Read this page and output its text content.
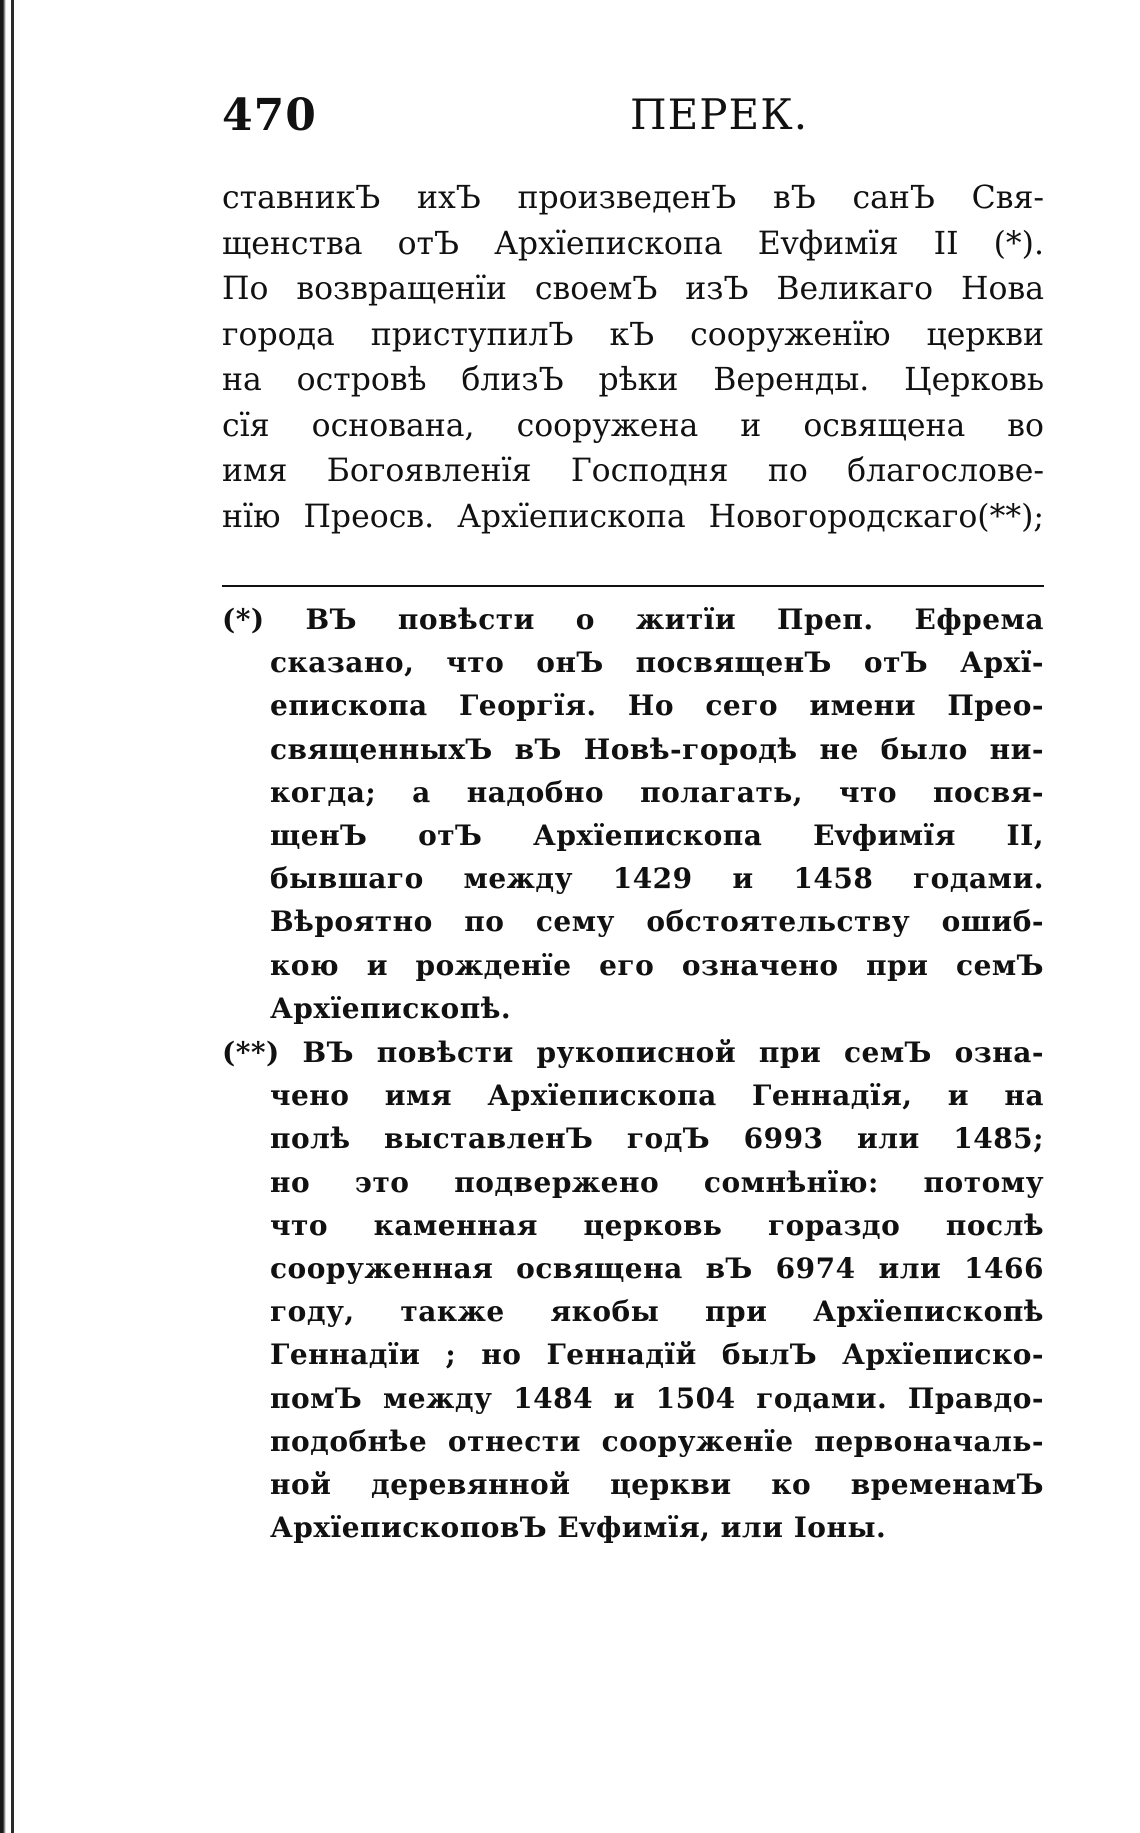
470	ПЕРЕК.
ставникЪ ихЪ произведенЪ вЪ санЪ Свя-
щенства отЪ Архїепископа Еvфимїя II (*).
По возвращенїи своемЪ изЪ Великаго Нова
города приступилЪ кЪ сооруженїю церкви
на островѣ близЪ рѣки Веренды. Церковь
сїя основана, сооружена и освящена во
имя Богоявленїя Господня по благослове-
нїю Преосв. Архїепископа Новогородскаго(**);
(*) ВЪ повѣсти о житїи Преп. Ефрема
сказано, что онЪ посвященЪ отЪ Архї-
епископа Георгїя. Но сего имени Прео-
священныхЪ вЪ Новѣ-городѣ не было ни-
когда; а надобно полагать, что посвя-
щенЪ отЪ Архїепископа Еvфимїя II,
бывшаго между 1429 и 1458 годами.
Вѣроятно по сему обстоятельству ошиб-
кою и рожденїе его означено при семЪ
Архїепископѣ.
(**) ВЪ повѣсти рукописной при семЪ озна-
чено имя Архїепископа Геннадїя, и на
полѣ выставленЪ годЪ 6993 или 1485;
но это подвержено сомнѣнїю: потому
что каменная церковь гораздо послѣ
сооруженная освящена вЪ 6974 или 1466
году, также якобы при Архїепископѣ
Геннадїи ; но Геннадїй былЪ Архїеписко-
помЪ между 1484 и 1504 годами. Правдо-
подобнѣе отнести сооруженїе первоначаль-
ной деревянной церкви ко временамЪ
АрхїепископовЪ Еvфимїя, или Іоны.
